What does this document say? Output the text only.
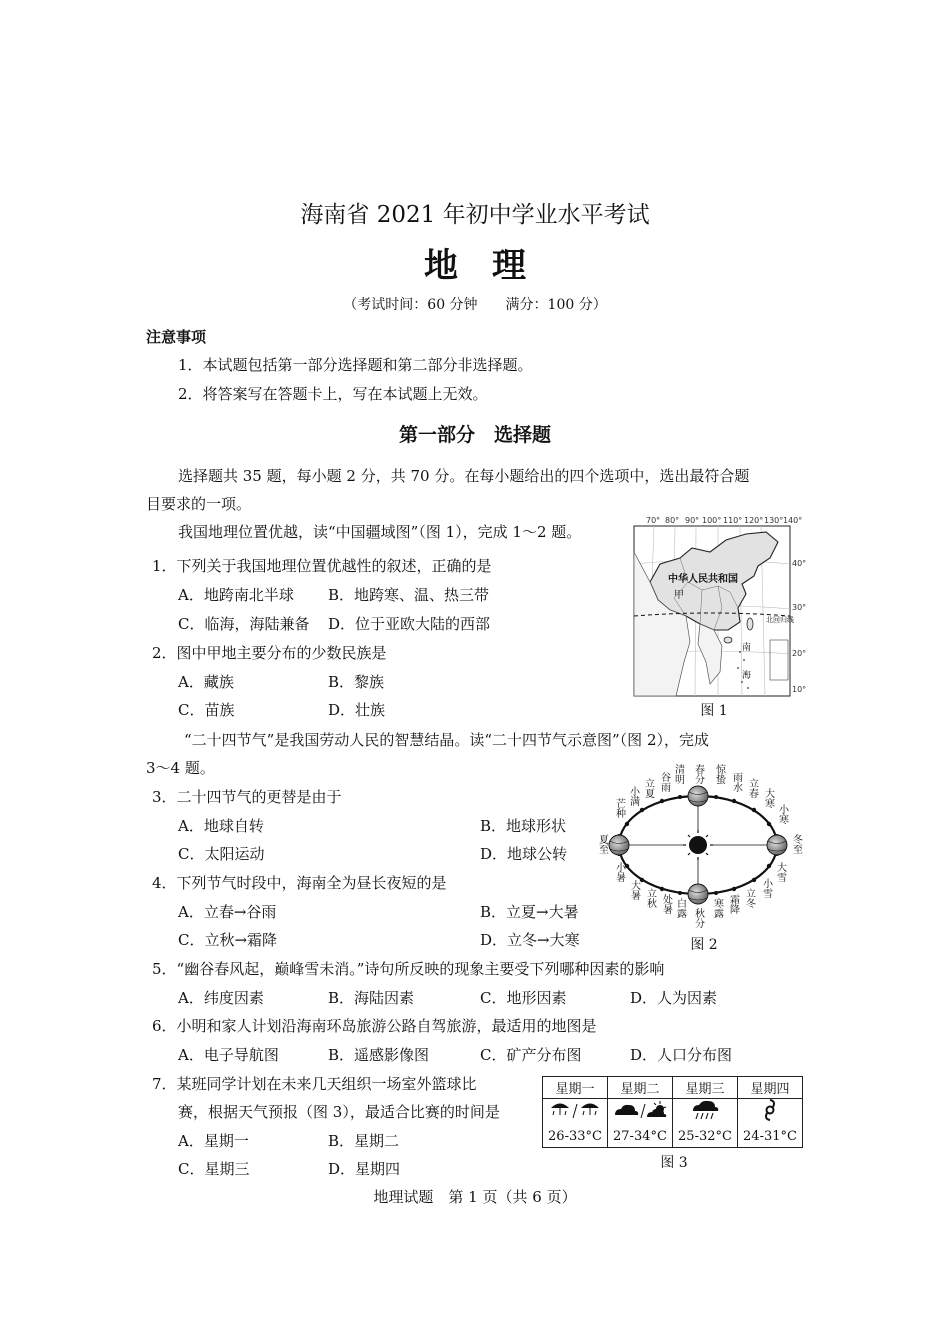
海南省 2021 年初中学业水平考试
地理
（考试时间：60 分钟　　满分：100 分）
注意事项
1．本试题包括第一部分选择题和第二部分非选择题。
2．将答案写在答题卡上，写在本试题上无效。
第一部分　选择题
选择题共 35 题，每小题 2 分，共 70 分。在每小题给出的四个选项中，选出最符合题
目要求的一项。
我国地理位置优越，读“中国疆域图”（图 1），完成 1～2 题。
1．下列关于我国地理位置优越性的叙述，正确的是
A．地跨南北半球 B．地跨寒、温、热三带
C．临海，海陆兼备 D．位于亚欧大陆的西部
2．图中甲地主要分布的少数民族是
A．藏族	B．黎族
C．苗族	D．壮族
70° 80° 90° 100° 110° 120° 130° 140°
40°
30°
20°
10°
中华人民共和国
甲
北回归线
南
海
图 1
“二十四节气”是我国劳动人民的智慧结晶。读“二十四节气示意图”（图 2），完成
3～4 题。
3．二十四节气的更替是由于
A．地球自转	B．地球形状
C．太阳运动	D．地球公转
4．下列节气时段中，海南全为昼长夜短的是
A．立春→谷雨	B．立夏→大暑
C．立秋→霜降	D．立冬→大寒
春分
清明
谷雨
立夏
小满
芒种
夏至
小暑
大暑 立秋 处暑 白露 秋分 寒露 霜降 立冬 小雪
大雪
冬至
小寒
大寒
立春
雨水
惊蛰
图 2
5．“幽谷春风起，巅峰雪未消。”诗句所反映的现象主要受下列哪种因素的影响
A．纬度因素	B．海陆因素	C．地形因素	D．人为因素
6．小明和家人计划沿海南环岛旅游公路自驾旅游，最适用的地图是
A．电子导航图	B．遥感影像图	C．矿产分布图	D．人口分布图
7．某班同学计划在未来几天组织一场室外篮球比
赛，根据天气预报（图 3），最适合比赛的时间是
A．星期一	B．星期二
C．星期三	D．星期四
星期一	星期二	星期三	星期四

26-33°C	27-34°C	25-32°C	24-31°C
图 3
地理试题　第 1 页（共 6 页）
